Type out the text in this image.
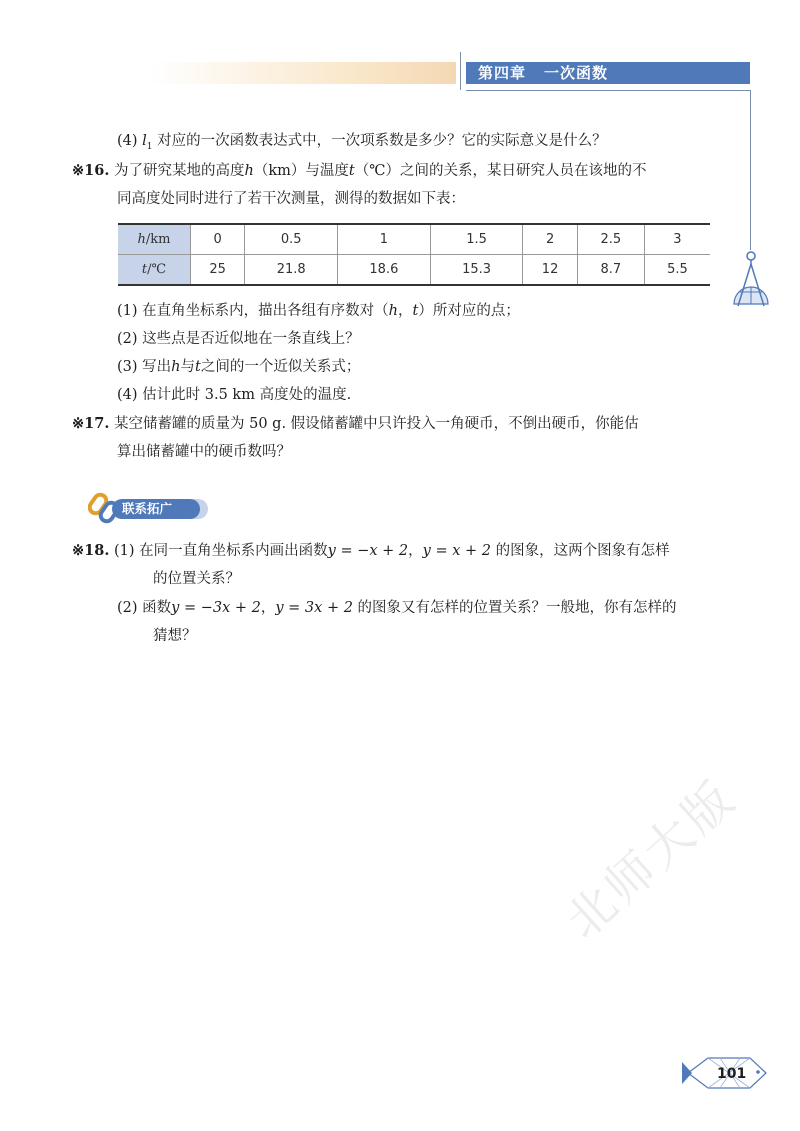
第四章 一次函数
(4) $l_1$ 对应的一次函数表达式中，一次项系数是多少？它的实际意义是什么？
※16. 为了研究某地的高度h（km）与温度t（℃）之间的关系，某日研究人员在该地的不
同高度处同时进行了若干次测量，测得的数据如下表：
h/km	0	0.5	1	1.5	2	2.5	3
t/℃	25	21.8	18.6	15.3	12	8.7	5.5
(1) 在直角坐标系内，描出各组有序数对（h，t）所对应的点；
(2) 这些点是否近似地在一条直线上？
(3) 写出h与t之间的一个近似关系式；
(4) 估计此时 3.5 km 高度处的温度.
※17. 某空储蓄罐的质量为 50 g. 假设储蓄罐中只许投入一角硬币，不倒出硬币，你能估
算出储蓄罐中的硬币数吗？
联系拓广
※18. (1) 在同一直角坐标系内画出函数y = −x + 2，y = x + 2 的图象，这两个图象有怎样
的位置关系？
(2) 函数y = −3x + 2，y = 3x + 2 的图象又有怎样的位置关系？一般地，你有怎样的
猜想？
北师大版
101
